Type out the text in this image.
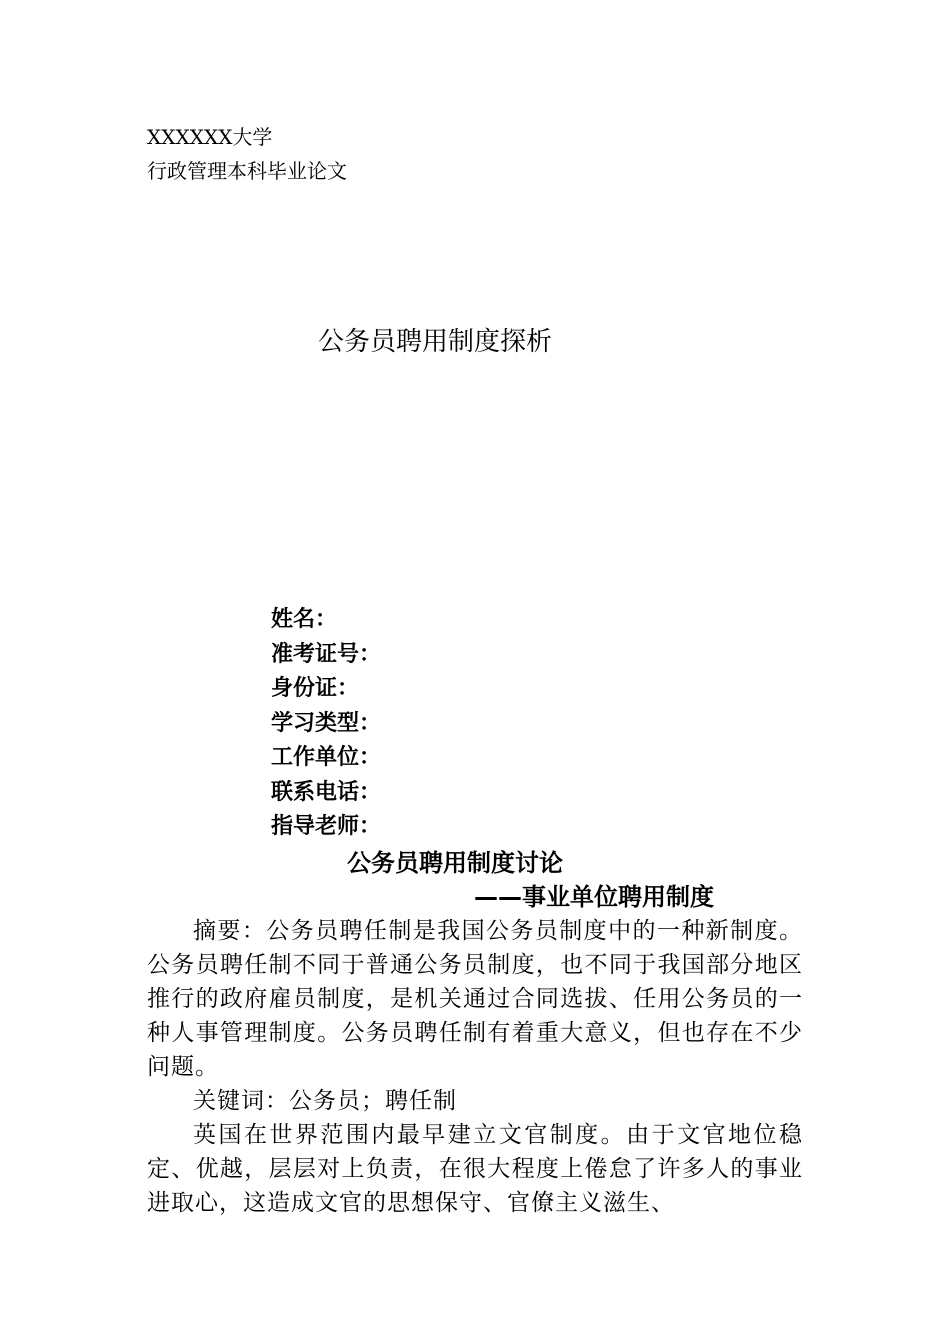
XXXXXX大学
行政管理本科毕业论文
公务员聘用制度探析
姓名：
准考证号：
身份证：
学习类型：
工作单位：
联系电话：
指导老师：
公务员聘用制度讨论
——事业单位聘用制度

摘要：公务员聘任制是我国公务员制度中的一种新制度。公务员聘任制不同于普通公务员制度，也不同于我国部分地区推行的政府雇员制度，是机关通过合同选拔、任用公务员的一种人事管理制度。公务员聘任制有着重大意义，但也存在不少问题。

关键词：公务员；聘任制

英国在世界范围内最早建立文官制度。由于文官地位稳定、优越，层层对上负责，在很大程度上倦怠了许多人的事业进取心，这造成文官的思想保守、官僚主义滋生、
